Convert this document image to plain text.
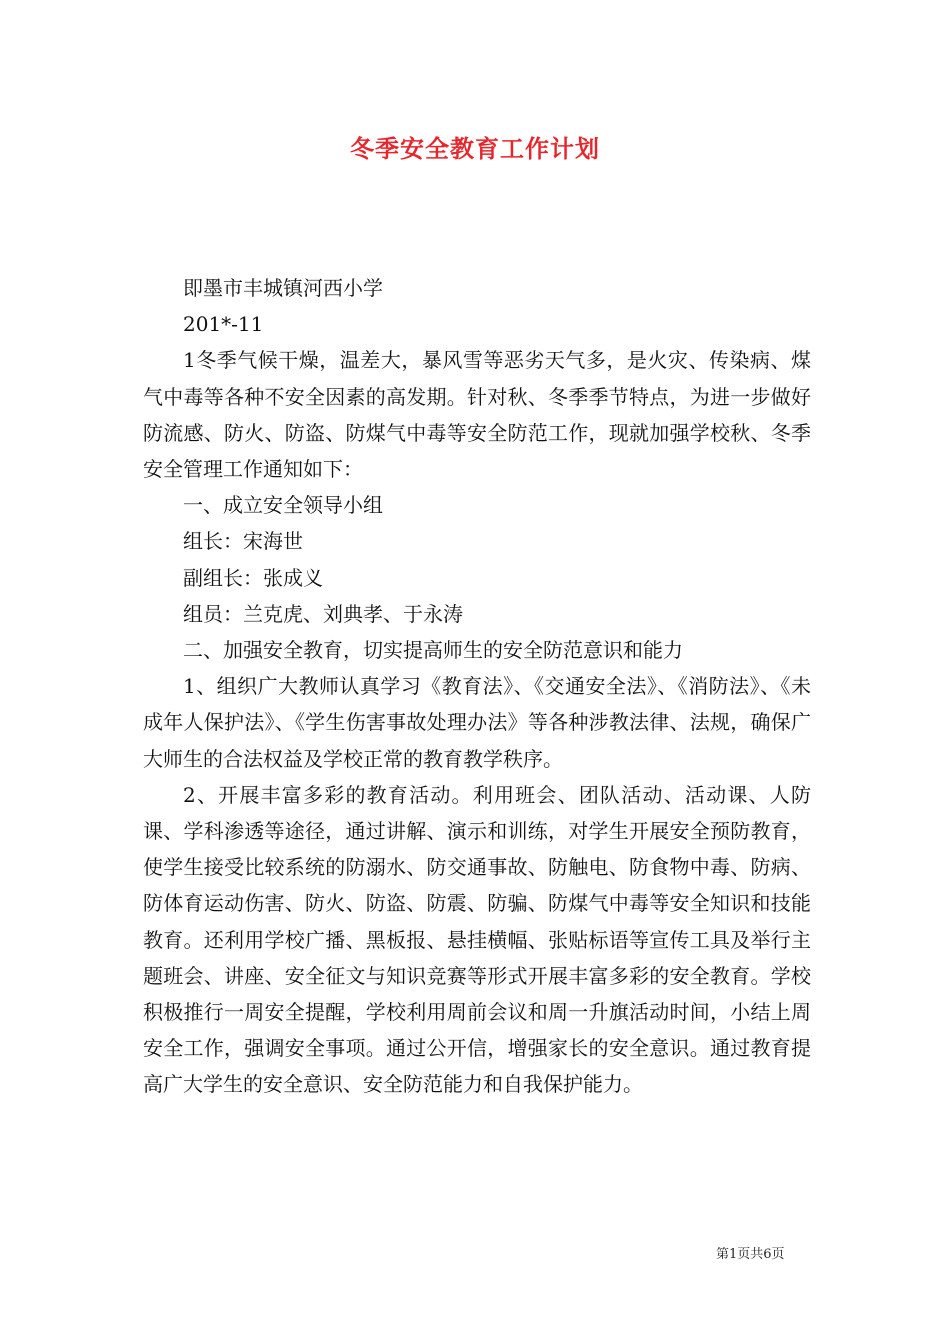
冬季安全教育工作计划

即墨市丰城镇河西小学

201*-11

1冬季气候干燥，温差大，暴风雪等恶劣天气多，是火灾、传染病、煤气中毒等各种不安全因素的高发期。针对秋、冬季季节特点，为进一步做好防流感、防火、防盗、防煤气中毒等安全防范工作，现就加强学校秋、冬季安全管理工作通知如下：

一、成立安全领导小组

组长：宋海世

副组长：张成义

组员：兰克虎、刘典孝、于永涛

二、加强安全教育，切实提高师生的安全防范意识和能力

1、组织广大教师认真学习《教育法》、《交通安全法》、《消防法》、《未成年人保护法》、《学生伤害事故处理办法》等各种涉教法律、法规，确保广大师生的合法权益及学校正常的教育教学秩序。

2、开展丰富多彩的教育活动。利用班会、团队活动、活动课、人防课、学科渗透等途径，通过讲解、演示和训练，对学生开展安全预防教育，使学生接受比较系统的防溺水、防交通事故、防触电、防食物中毒、防病、防体育运动伤害、防火、防盗、防震、防骗、防煤气中毒等安全知识和技能教育。还利用学校广播、黑板报、悬挂横幅、张贴标语等宣传工具及举行主题班会、讲座、安全征文与知识竞赛等形式开展丰富多彩的安全教育。学校积极推行一周安全提醒，学校利用周前会议和周一升旗活动时间，小结上周安全工作，强调安全事项。通过公开信，增强家长的安全意识。通过教育提高广大学生的安全意识、安全防范能力和自我保护能力。

第1页共6页
